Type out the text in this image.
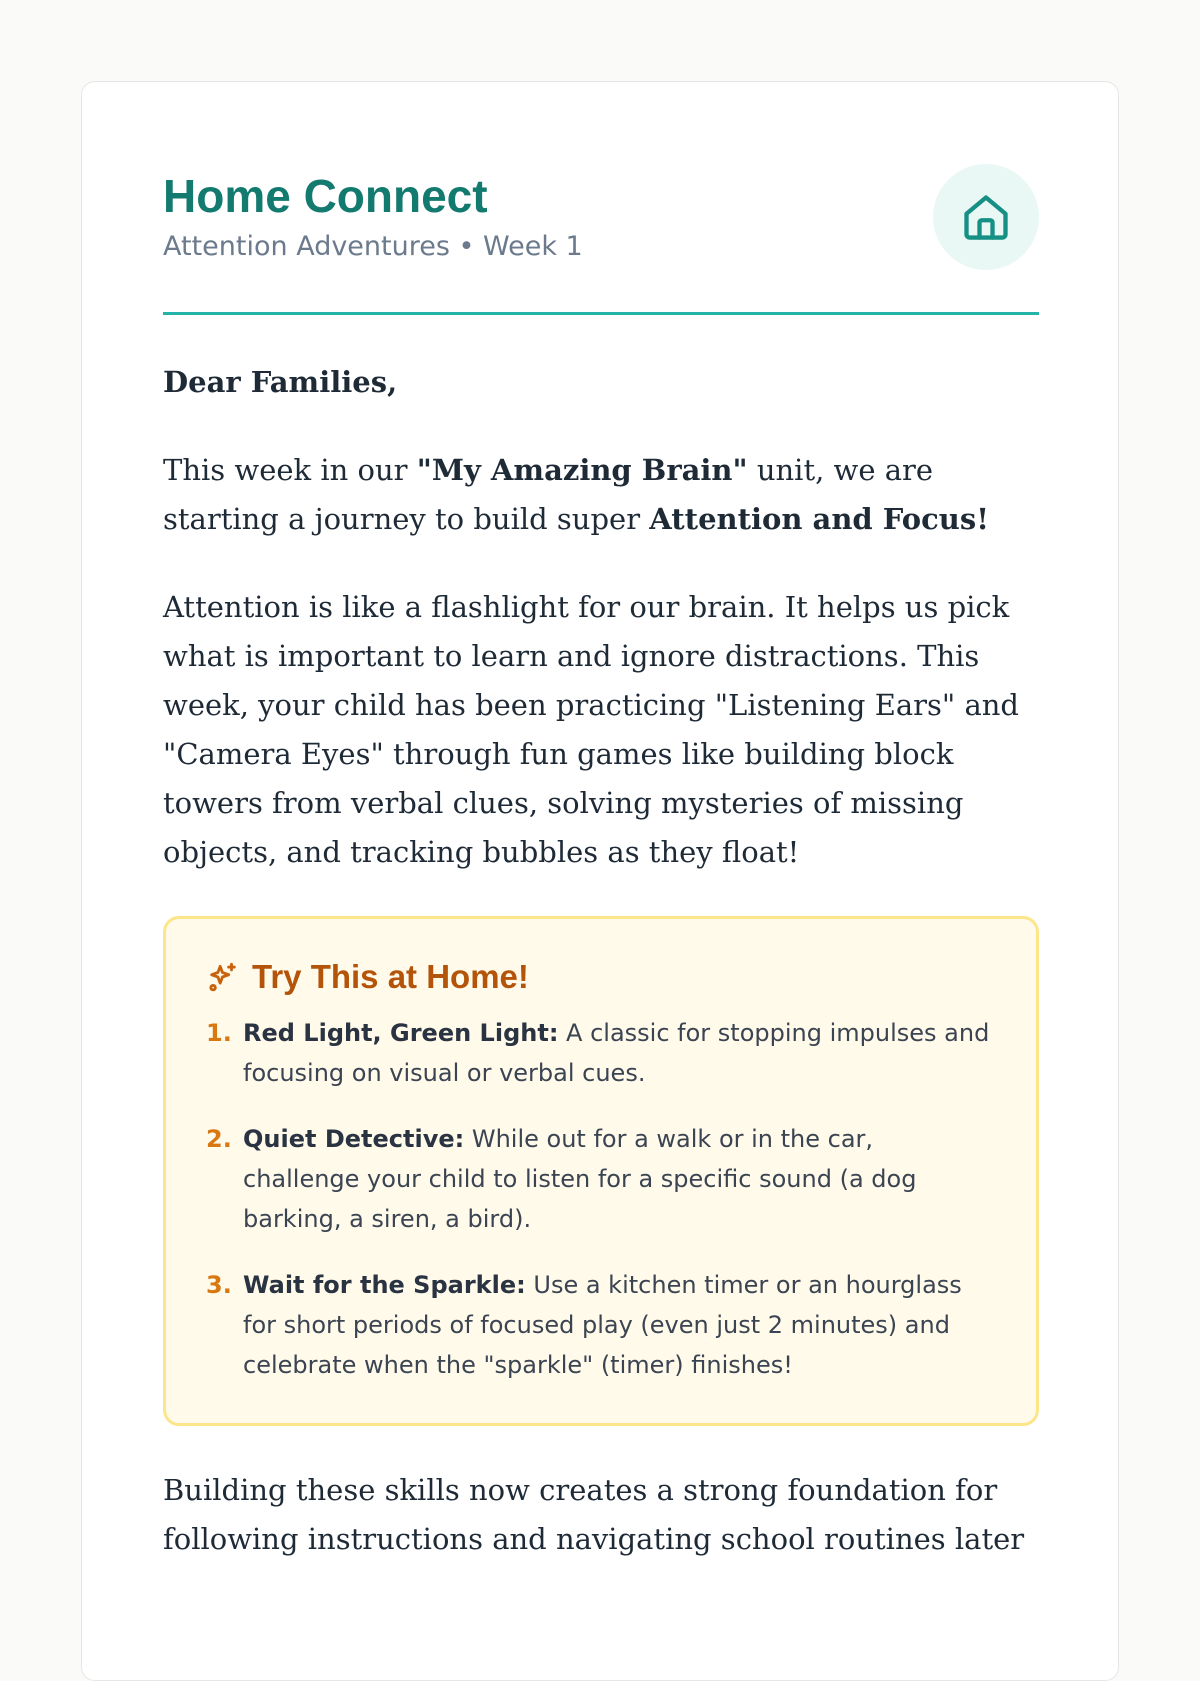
Home Connect
Attention Adventures • Week 1

Dear Families,

This week in our "My Amazing Brain" unit, we are starting a journey to build super Attention and Focus!

Attention is like a flashlight for our brain. It helps us pick what is important to learn and ignore distractions. This week, your child has been practicing "Listening Ears" and "Camera Eyes" through fun games like building block towers from verbal clues, solving mysteries of missing objects, and tracking bubbles as they float!

Try This at Home!
1. Red Light, Green Light: A classic for stopping impulses and focusing on visual or verbal cues.
2. Quiet Detective: While out for a walk or in the car, challenge your child to listen for a specific sound (a dog barking, a siren, a bird).
3. Wait for the Sparkle: Use a kitchen timer or an hourglass for short periods of focused play (even just 2 minutes) and celebrate when the "sparkle" (timer) finishes!

Building these skills now creates a strong foundation for following instructions and navigating school routines later
